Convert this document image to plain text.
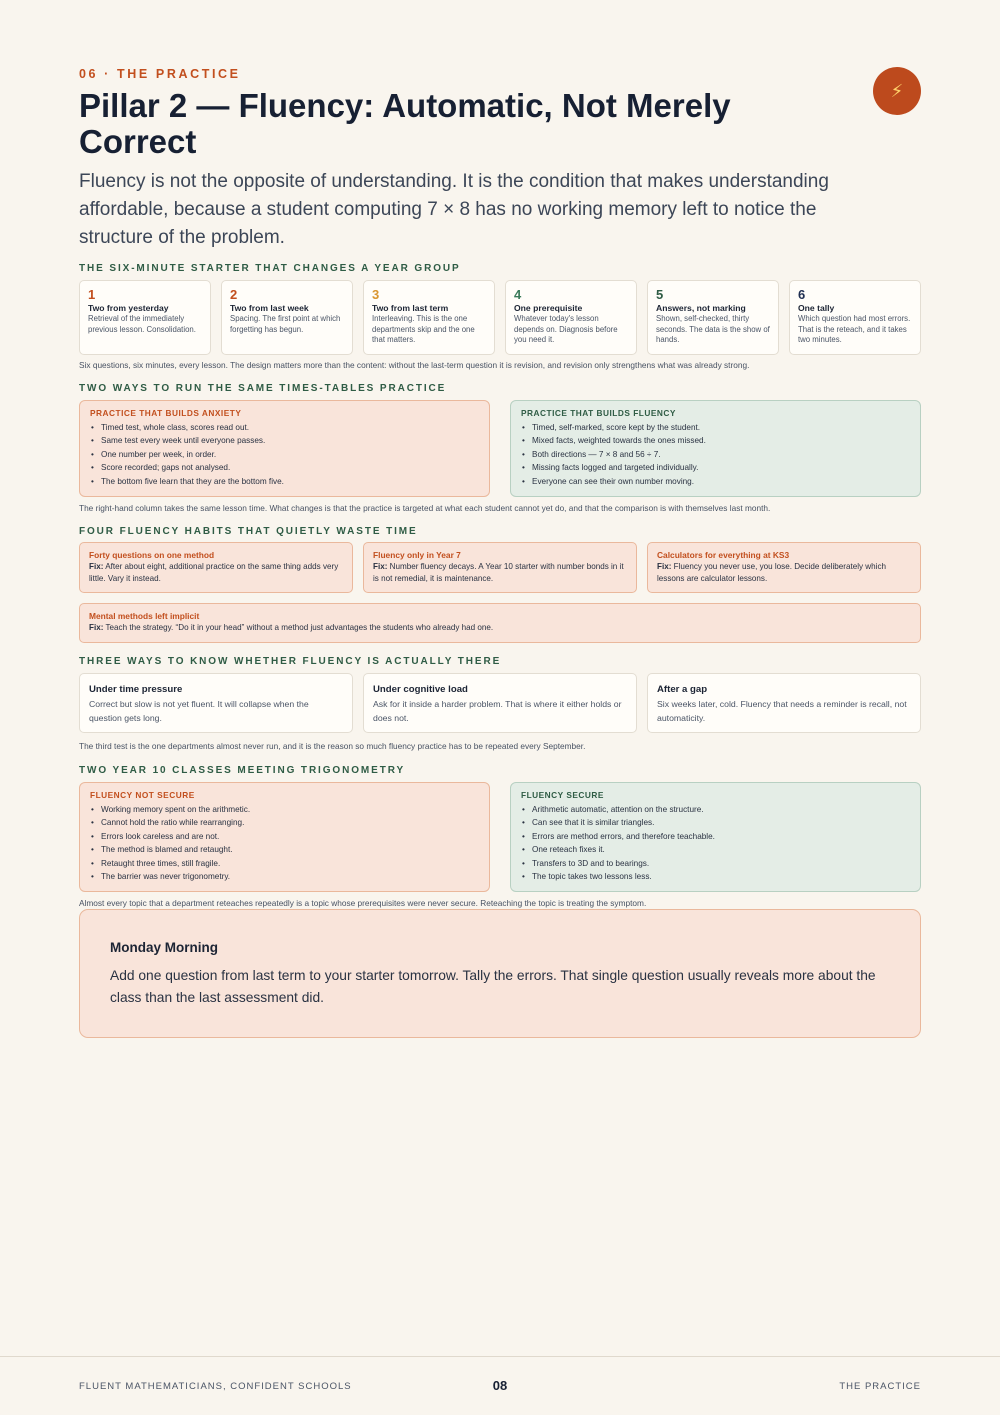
06 · THE PRACTICE
⚡
Pillar 2 — Fluency: Automatic, Not Merely Correct

Fluency is not the opposite of understanding. It is the condition that makes understanding affordable, because a student computing 7 × 8 has no working memory left to notice the structure of the problem.

THE SIX-MINUTE STARTER THAT CHANGES A YEAR GROUP
1
Two from yesterday
Retrieval of the immediately previous lesson. Consolidation.
2
Two from last week
Spacing. The first point at which forgetting has begun.
3
Two from last term
Interleaving. This is the one departments skip and the one that matters.
4
One prerequisite
Whatever today's lesson depends on. Diagnosis before you need it.
5
Answers, not marking
Shown, self-checked, thirty seconds. The data is the show of hands.
6
One tally
Which question had most errors. That is the reteach, and it takes two minutes.
Six questions, six minutes, every lesson. The design matters more than the content: without the last-term question it is revision, and revision only strengthens what was already strong.
TWO WAYS TO RUN THE SAME TIMES-TABLES PRACTICE
PRACTICE THAT BUILDS ANXIETY
• Timed test, whole class, scores read out.
• Same test every week until everyone passes.
• One number per week, in order.
• Score recorded; gaps not analysed.
• The bottom five learn that they are the bottom five.
PRACTICE THAT BUILDS FLUENCY
• Timed, self-marked, score kept by the student.
• Mixed facts, weighted towards the ones missed.
• Both directions — 7 × 8 and 56 ÷ 7.
• Missing facts logged and targeted individually.
• Everyone can see their own number moving.
The right-hand column takes the same lesson time. What changes is that the practice is targeted at what each student cannot yet do, and that the comparison is with themselves last month.
FOUR FLUENCY HABITS THAT QUIETLY WASTE TIME
Forty questions on one method
Fix: After about eight, additional practice on the same thing adds very little. Vary it instead.
Fluency only in Year 7
Fix: Number fluency decays. A Year 10 starter with number bonds in it is not remedial, it is maintenance.
Calculators for everything at KS3
Fix: Fluency you never use, you lose. Decide deliberately which lessons are calculator lessons.
Mental methods left implicit
Fix: Teach the strategy. “Do it in your head” without a method just advantages the students who already had one.
THREE WAYS TO KNOW WHETHER FLUENCY IS ACTUALLY THERE
Under time pressure
Correct but slow is not yet fluent. It will collapse when the question gets long.
Under cognitive load
Ask for it inside a harder problem. That is where it either holds or does not.
After a gap
Six weeks later, cold. Fluency that needs a reminder is recall, not automaticity.
The third test is the one departments almost never run, and it is the reason so much fluency practice has to be repeated every September.
TWO YEAR 10 CLASSES MEETING TRIGONOMETRY
FLUENCY NOT SECURE
• Working memory spent on the arithmetic.
• Cannot hold the ratio while rearranging.
• Errors look careless and are not.
• The method is blamed and retaught.
• Retaught three times, still fragile.
• The barrier was never trigonometry.
FLUENCY SECURE
• Arithmetic automatic, attention on the structure.
• Can see that it is similar triangles.
• Errors are method errors, and therefore teachable.
• One reteach fixes it.
• Transfers to 3D and to bearings.
• The topic takes two lessons less.
Almost every topic that a department reteaches repeatedly is a topic whose prerequisites were never secure. Reteaching the topic is treating the symptom.
Monday Morning
Add one question from last term to your starter tomorrow. Tally the errors. That single question usually reveals more about the class than the last assessment did.
FLUENT MATHEMATICIANS, CONFIDENT SCHOOLS	08	THE PRACTICE
